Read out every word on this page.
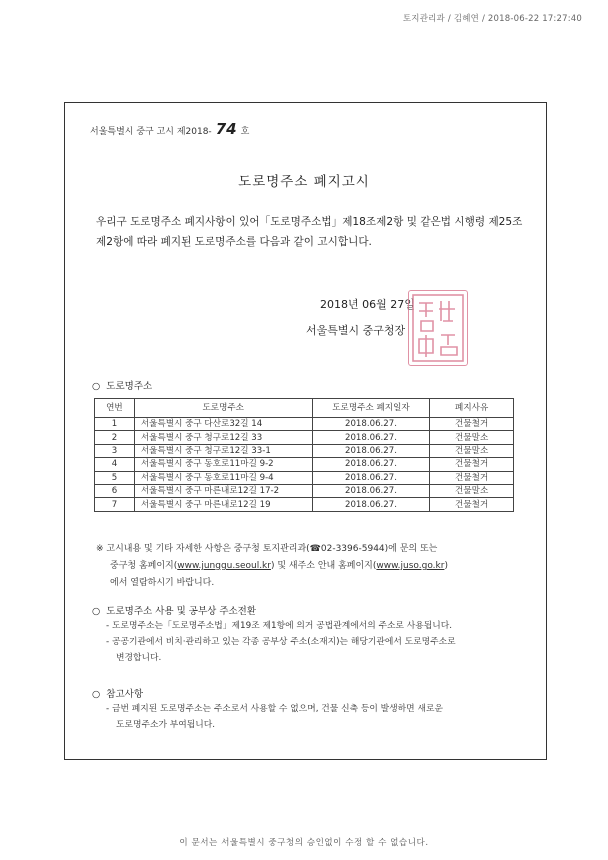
토지관리과 / 김혜연 / 2018-06-22 17:27:40
서울특별시 중구 고시 제2018- 74 호
도로명주소 폐지고시
우리구 도로명주소 폐지사항이 있어「도로명주소법」제18조제2항 및 같은법 시행령 제25조 제2항에 따라 폐지된 도로명주소를 다음과 같이 고시합니다.
2018년 06월 27일
서울특별시 중구청장
○ 도로명주소
연번	도로명주소	도로명주소 폐지일자	폐지사유
1	서울특별시 중구 다산로32길 14	2018.06.27.	건물철거
2	서울특별시 중구 청구로12길 33	2018.06.27.	건물말소
3	서울특별시 중구 청구로12길 33-1	2018.06.27.	건물말소
4	서울특별시 중구 동호로11마길 9-2	2018.06.27.	건물철거
5	서울특별시 중구 동호로11마길 9-4	2018.06.27.	건물철거
6	서울특별시 중구 마른내로12길 17-2	2018.06.27.	건물말소
7	서울특별시 중구 마른내로12길 19	2018.06.27.	건물철거
※ 고시내용 및 기타 자세한 사항은 중구청 토지관리과(☎02-3396-5944)에 문의 또는
중구청 홈페이지(www.junggu.seoul.kr) 및 새주소 안내 홈페이지(www.juso.go.kr)
에서 열람하시기 바랍니다.
○ 도로명주소 사용 및 공부상 주소전환
- 도로명주소는「도로명주소법」제19조 제1항에 의거 공법관계에서의 주소로 사용됩니다.
- 공공기관에서 비치·관리하고 있는 각종 공부상 주소(소재지)는 해당기관에서 도로명주소로
변경합니다.
○ 참고사항
- 금번 폐지된 도로명주소는 주소로서 사용할 수 없으며, 건물 신축 등이 발생하면 새로운
도로명주소가 부여됩니다.
이 문서는 서울특별시 중구청의 승인없이 수정 할 수 없습니다.
